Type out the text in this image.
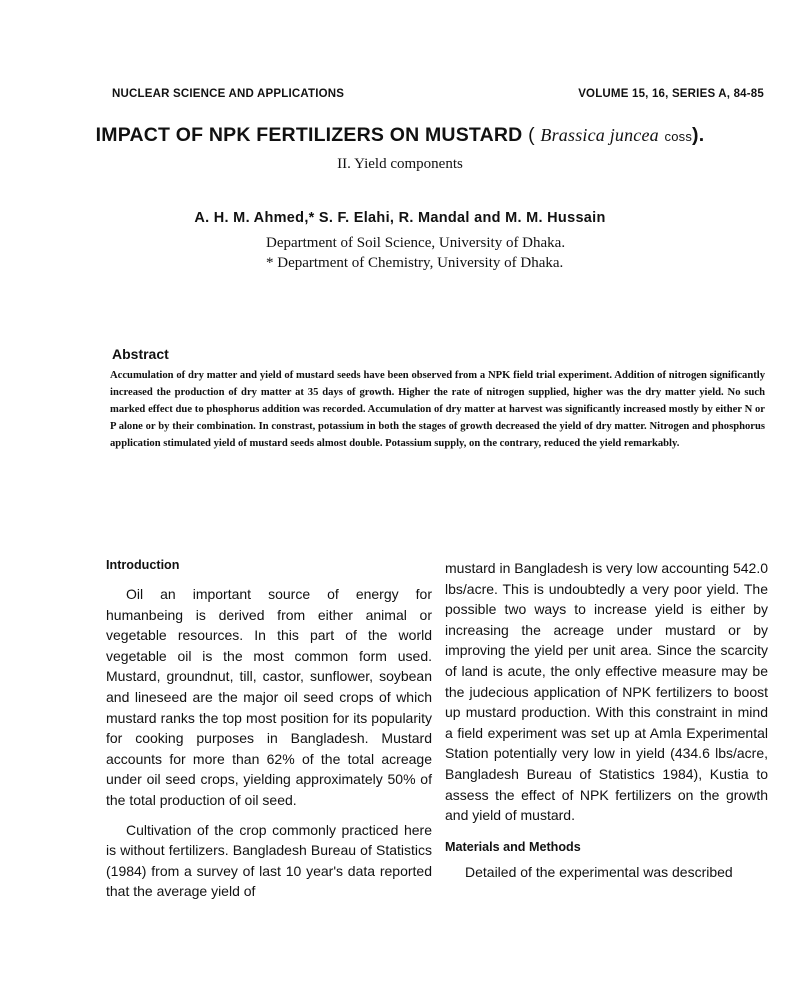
NUCLEAR SCIENCE AND APPLICATIONS	VOLUME 15, 16, SERIES A, 84-85
IMPACT OF NPK FERTILIZERS ON MUSTARD ( Brassica juncea coss).
II. Yield components
A. H. M. Ahmed,* S. F. Elahi, R. Mandal and M. M. Hussain
Department of Soil Science, University of Dhaka.
* Department of Chemistry, University of Dhaka.
Abstract
Accumulation of dry matter and yield of mustard seeds have been observed from a NPK field trial experiment. Addition of nitrogen significantly increased the production of dry matter at 35 days of growth. Higher the rate of nitrogen supplied, higher was the dry matter yield. No such marked effect due to phosphorus addition was recorded. Accumulation of dry matter at harvest was significantly increased mostly by either N or P alone or by their combination. In constrast, potassium in both the stages of growth decreased the yield of dry matter. Nitrogen and phosphorus application stimulated yield of mustard seeds almost double. Potassium supply, on the contrary, reduced the yield remarkably.
Introduction

Oil an important source of energy for humanbeing is derived from either animal or vegetable resources. In this part of the world vegetable oil is the most common form used. Mustard, groundnut, till, castor, sunflower, soybean and lineseed are the major oil seed crops of which mustard ranks the top most position for its popularity for cooking purposes in Bangladesh. Mustard accounts for more than 62% of the total acreage under oil seed crops, yielding approximately 50% of the total production of oil seed.

Cultivation of the crop commonly practiced here is without fertilizers. Bangladesh Bureau of Statistics (1984) from a survey of last 10 year's data reported that the average yield of

mustard in Bangladesh is very low accounting 542.0 lbs/acre. This is undoubtedly a very poor yield. The possible two ways to increase yield is either by increasing the acreage under mustard or by improving the yield per unit area. Since the scarcity of land is acute, the only effective measure may be the judecious application of NPK fertilizers to boost up mustard production. With this constraint in mind a field experiment was set up at Amla Experimental Station potentially very low in yield (434.6 lbs/acre, Bangladesh Bureau of Statistics 1984), Kustia to assess the effect of NPK fertilizers on the growth and yield of mustard.

Materials and Methods

Detailed of the experimental was described
